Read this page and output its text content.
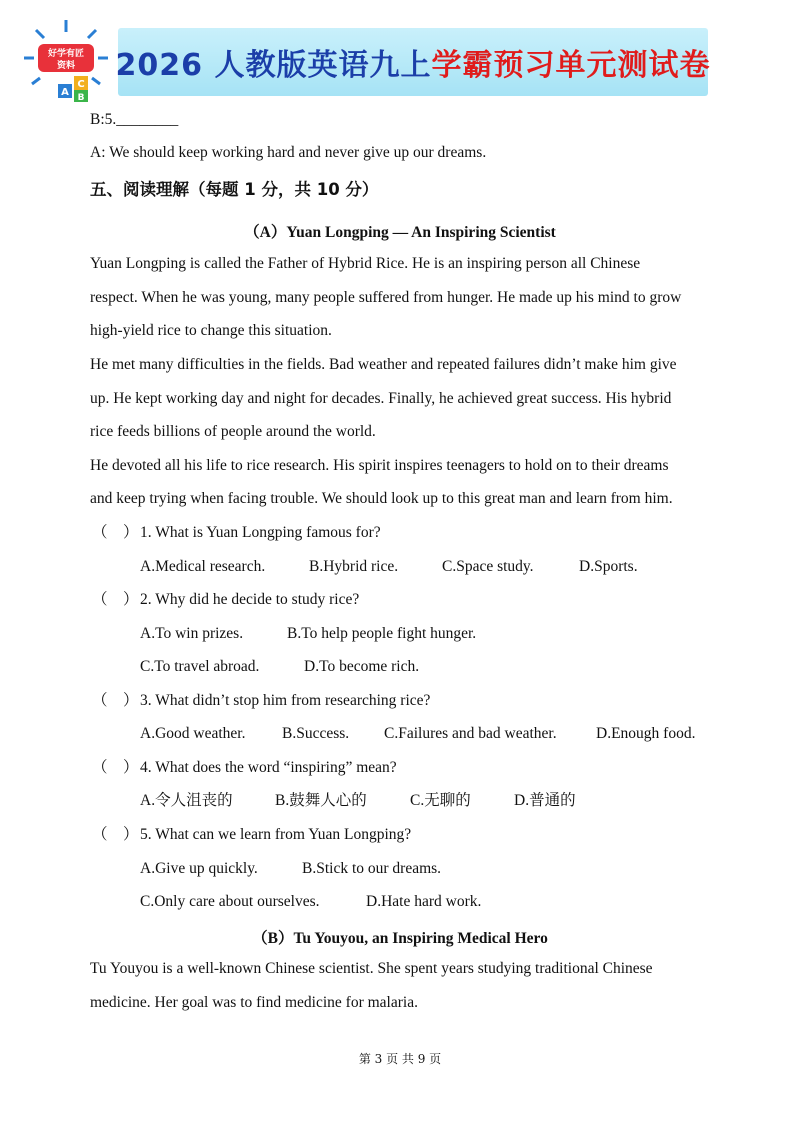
好学有匠
资料
C
A B
2026 人教版英语九上 学霸预习单元测试卷
B:5.________
A: We should keep working hard and never give up our dreams.
五、阅读理解（每题 1 分，共 10 分）
（A）Yuan Longping — An Inspiring Scientist
Yuan Longping is called the Father of Hybrid Rice. He is an inspiring person all Chinese
respect. When he was young, many people suffered from hunger. He made up his mind to grow
high-yield rice to change this situation.
He met many difficulties in the fields. Bad weather and repeated failures didn’t make him give
up. He kept working day and night for decades. Finally, he achieved great success. His hybrid
rice feeds billions of people around the world.
He devoted all his life to rice research. His spirit inspires teenagers to hold on to their dreams
and keep trying when facing trouble. We should look up to this great man and learn from him.
（　）1. What is Yuan Longping famous for?
A.Medical research.	B.Hybrid rice.	C.Space study.	D.Sports.
（　）2. Why did he decide to study rice?
A.To win prizes.	B.To help people fight hunger.
C.To travel abroad.	D.To become rich.
（　）3. What didn’t stop him from researching rice?
A.Good weather. B.Success. C.Failures and bad weather.	D.Enough food.
（　）4. What does the word “inspiring” mean?
A.令人沮丧的	B.鼓舞人心的	C.无聊的	D.普通的
（　）5. What can we learn from Yuan Longping?
A.Give up quickly.	B.Stick to our dreams.
C.Only care about ourselves.	D.Hate hard work.
（B）Tu Youyou, an Inspiring Medical Hero
Tu Youyou is a well-known Chinese scientist. She spent years studying traditional Chinese
medicine. Her goal was to find medicine for malaria.
第 3 页 共 9 页
